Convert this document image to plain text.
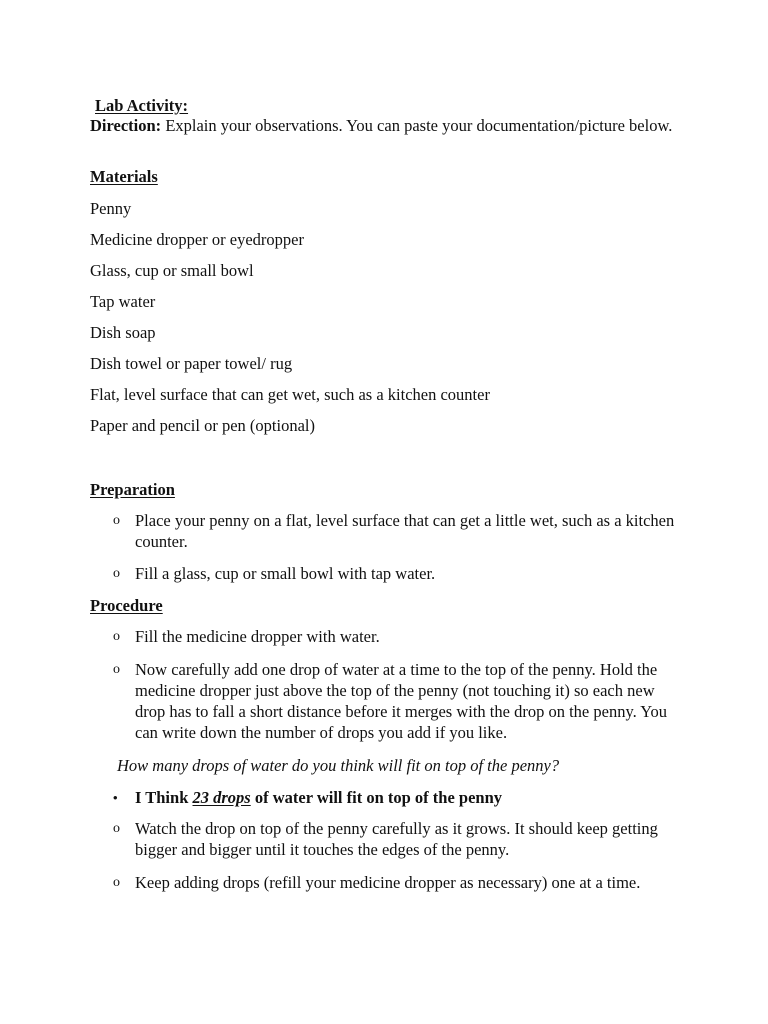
Lab Activity:
Direction: Explain your observations. You can paste your documentation/picture below.
Materials
Penny
Medicine dropper or eyedropper
Glass, cup or small bowl
Tap water
Dish soap
Dish towel or paper towel/ rug
Flat, level surface that can get wet, such as a kitchen counter
Paper and pencil or pen (optional)
Preparation
o Place your penny on a flat, level surface that can get a little wet, such as a kitchen counter.
o Fill a glass, cup or small bowl with tap water.
Procedure
o Fill the medicine dropper with water.
o Now carefully add one drop of water at a time to the top of the penny. Hold the medicine dropper just above the top of the penny (not touching it) so each new drop has to fall a short distance before it merges with the drop on the penny. You can write down the number of drops you add if you like.
How many drops of water do you think will fit on top of the penny?
• I Think 23 drops of water will fit on top of the penny
o Watch the drop on top of the penny carefully as it grows. It should keep getting bigger and bigger until it touches the edges of the penny.
o Keep adding drops (refill your medicine dropper as necessary) one at a time.
